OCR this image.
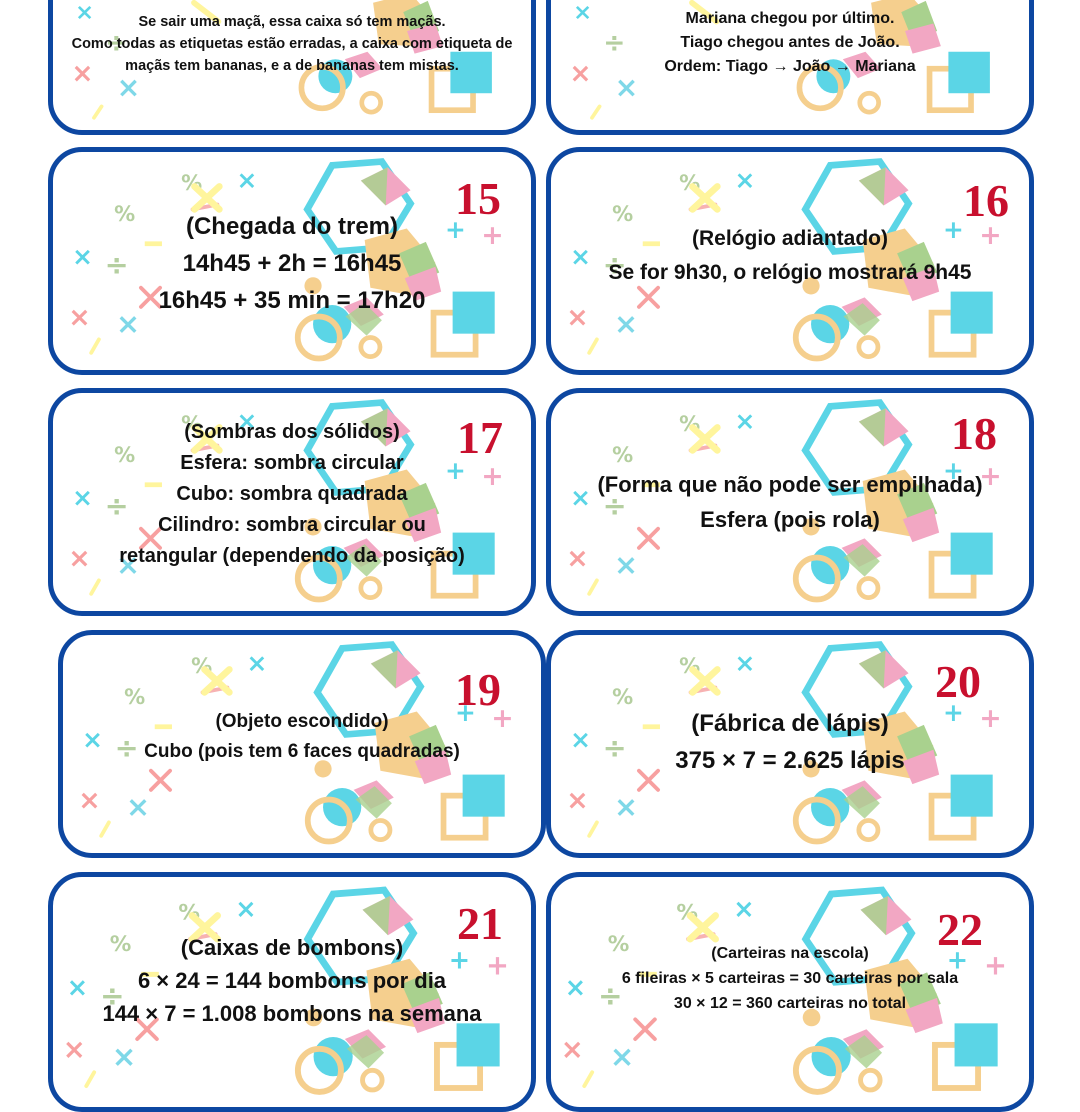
Se sair uma maçã, essa caixa só tem maçãs.
Como todas as etiquetas estão erradas, a caixa com etiqueta de
maçãs tem bananas, e a de bananas tem mistas.
Mariana chegou por último.
Tiago chegou antes de João.
Ordem: Tiago → João → Mariana
15
(Chegada do trem)
14h45 + 2h = 16h45
16h45 + 35 min = 17h20
16
(Relógio adiantado)
Se for 9h30, o relógio mostrará 9h45
17
(Sombras dos sólidos)
Esfera: sombra circular
Cubo: sombra quadrada
Cilindro: sombra circular ou
retangular (dependendo da posição)
18
(Forma que não pode ser empilhada)
Esfera (pois rola)
19
(Objeto escondido)
Cubo (pois tem 6 faces quadradas)
20
(Fábrica de lápis)
375 × 7 = 2.625 lápis
21
(Caixas de bombons)
6 × 24 = 144 bombons por dia
144 × 7 = 1.008 bombons na semana
22
(Carteiras na escola)
6 fileiras × 5 carteiras = 30 carteiras por sala
30 × 12 = 360 carteiras no total
